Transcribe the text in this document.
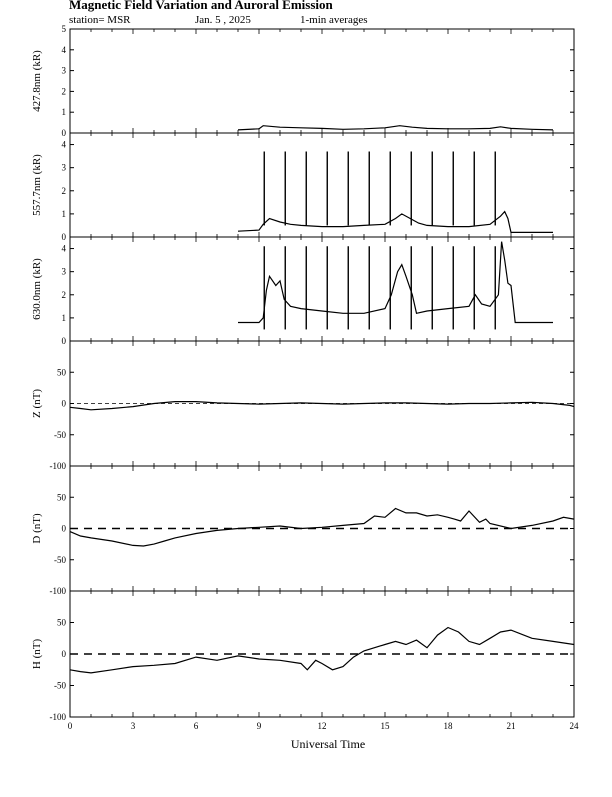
Magnetic Field Variation and Auroral Emission
station= MSR	Jan. 5 , 2025	1-min averages
Universal Time
0
1
2
3
4
5
427.8nm (kR)
0
1
2
3
4
557.7nm (kR)
0
1
2
3
4
630.0nm (kR)
-100
-50
0
50
Z (nT)
-100
-50
0
50
D (nT)
-100
-50
0
50
H (nT)
0	3	6	9	12	15	18	21	24
